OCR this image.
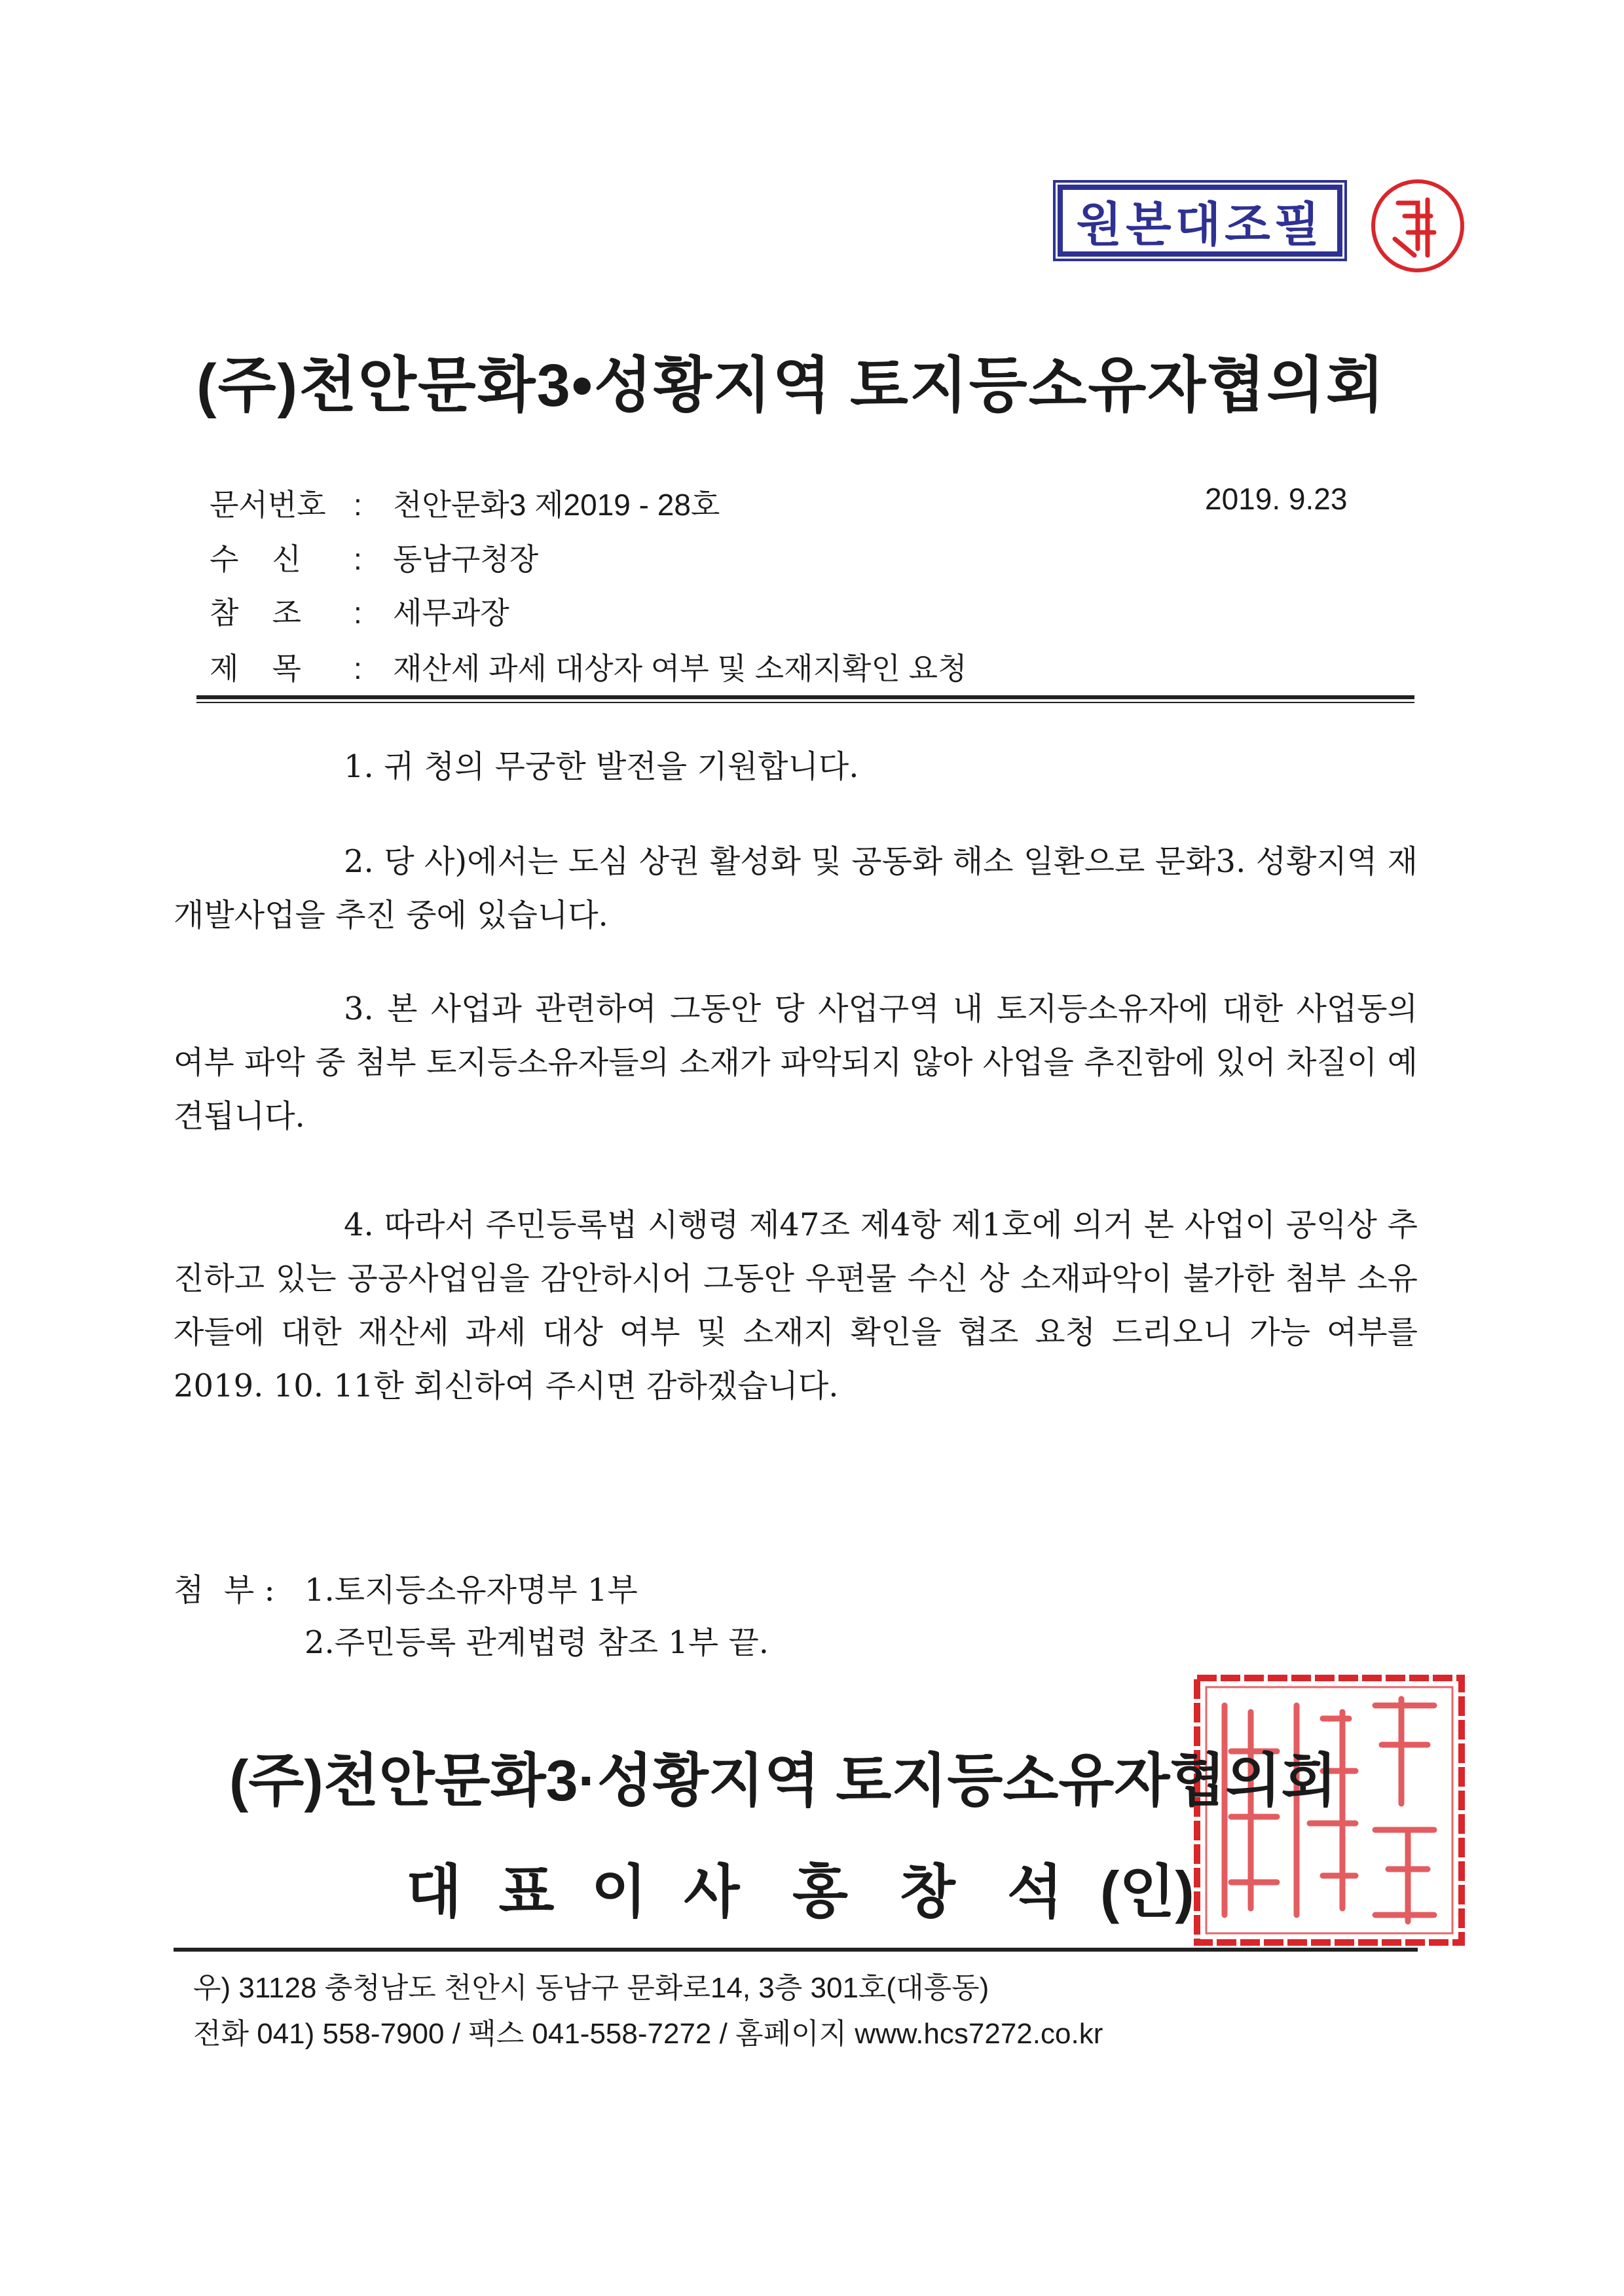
원본대조필
(주)천안문화3•성황지역 토지등소유자협의회
문서번호 : 천안문화3 제2019 - 28호	2019. 9.23
수    신 : 동남구청장
참    조 : 세무과장
제    목 : 재산세 과세 대상자 여부 및 소재지확인 요청
1. 귀 청의 무궁한 발전을 기원합니다.
2. 당 사)에서는 도심 상권 활성화 및 공동화 해소 일환으로 문화3. 성황지역 재개발사업을 추진 중에 있습니다.
3. 본 사업과 관련하여 그동안 당 사업구역 내 토지등소유자에 대한 사업동의 여부 파악 중 첨부 토지등소유자들의 소재가 파악되지 않아 사업을 추진함에 있어 차질이 예견됩니다.
4. 따라서 주민등록법 시행령 제47조 제4항 제1호에 의거 본 사업이 공익상 추진하고 있는 공공사업임을 감안하시어 그동안 우편물 수신 상 소재파악이 불가한 첨부 소유자들에 대한 재산세 과세 대상 여부 및 소재지 확인을 협조 요청 드리오니 가능 여부를 2019. 10. 11한 회신하여 주시면 감하겠습니다.
첨  부 : 1.토지등소유자명부 1부
2.주민등록 관계법령 참조 1부 끝.
(주)천안문화3·성황지역 토지등소유자협의회
대 표 이 사 홍  창  석 (인)
우) 31128 충청남도 천안시 동남구 문화로14, 3층 301호(대흥동)
전화 041) 558-7900 / 팩스 041-558-7272 / 홈페이지 www.hcs7272.co.kr
